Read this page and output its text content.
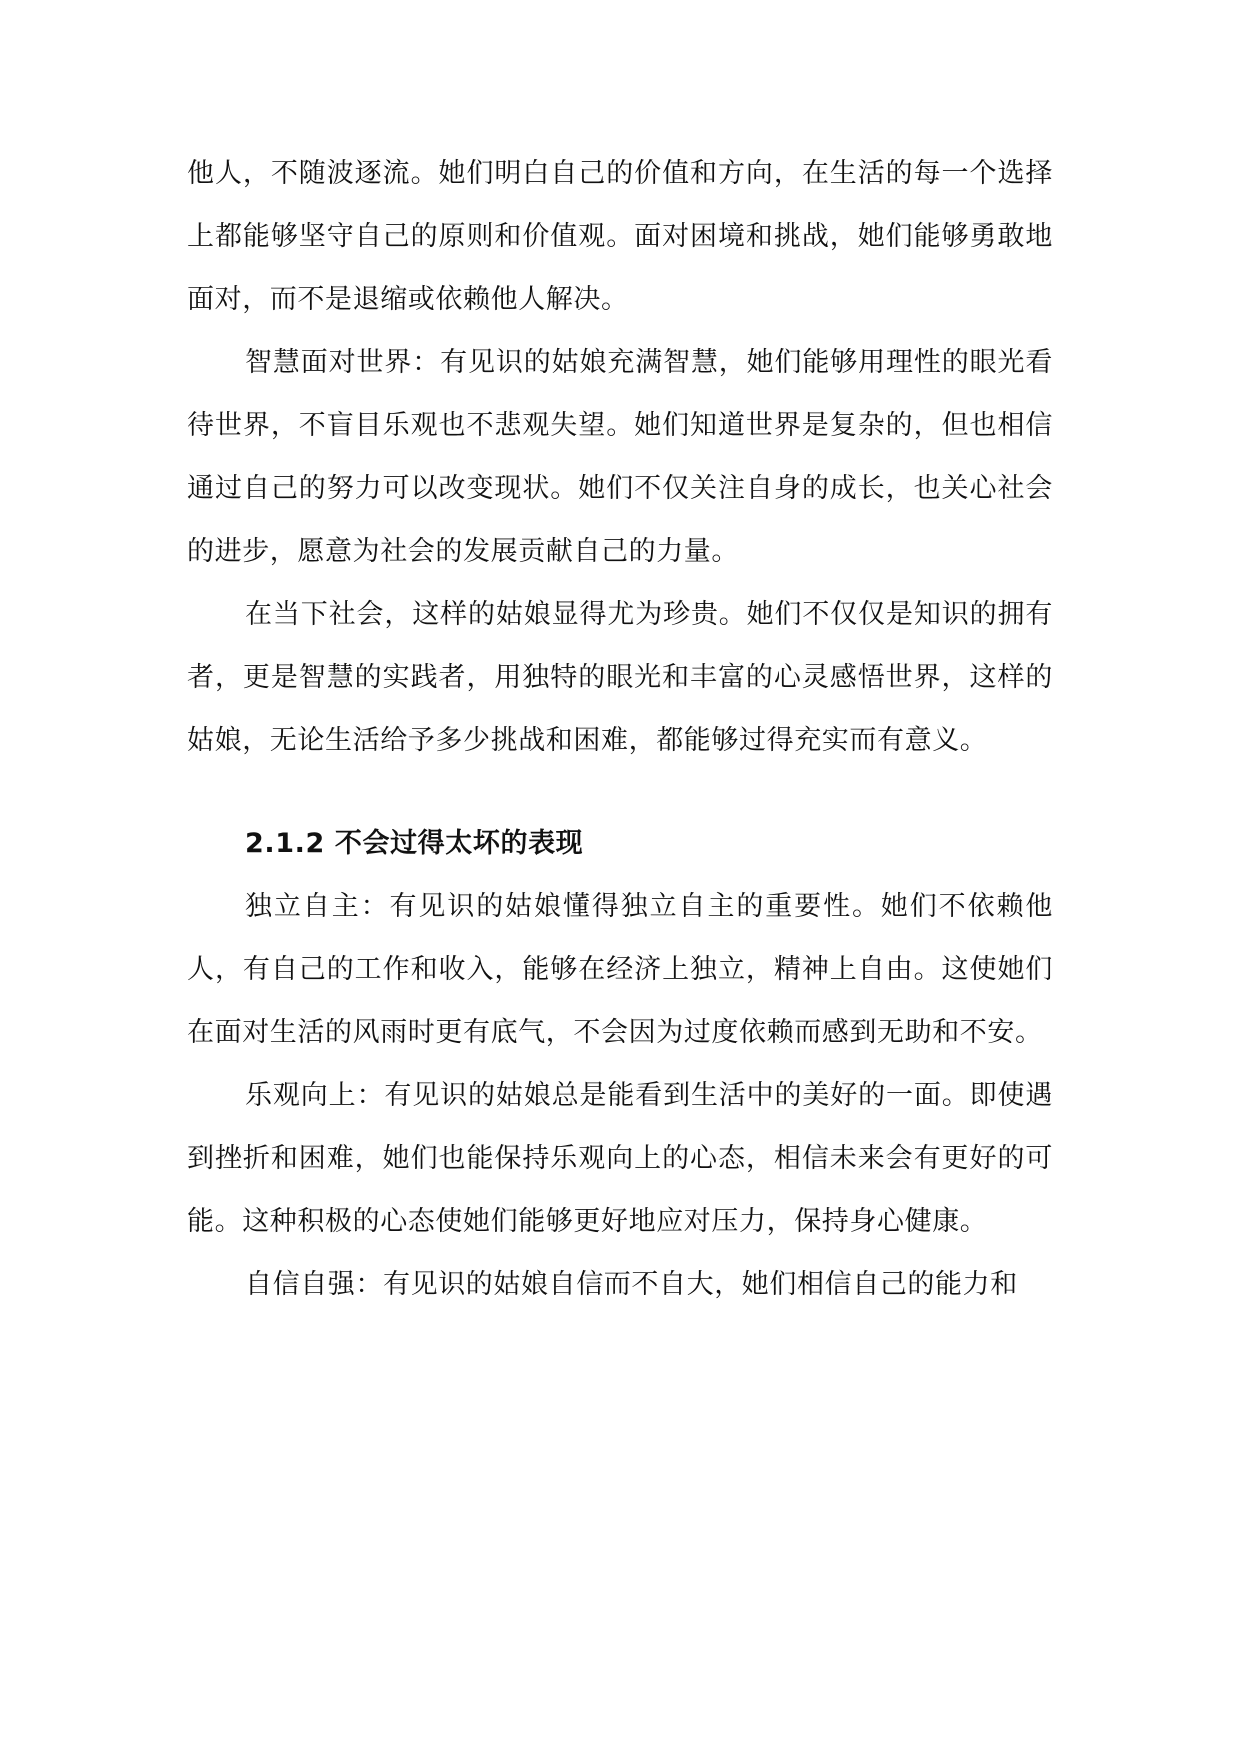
他人，不随波逐流。她们明白自己的价值和方向，在生活的每一个选择上都能够坚守自己的原则和价值观。面对困境和挑战，她们能够勇敢地面对，而不是退缩或依赖他人解决。

智慧面对世界：有见识的姑娘充满智慧，她们能够用理性的眼光看待世界，不盲目乐观也不悲观失望。她们知道世界是复杂的，但也相信通过自己的努力可以改变现状。她们不仅关注自身的成长，也关心社会的进步，愿意为社会的发展贡献自己的力量。

在当下社会，这样的姑娘显得尤为珍贵。她们不仅仅是知识的拥有者，更是智慧的实践者，用独特的眼光和丰富的心灵感悟世界，这样的姑娘，无论生活给予多少挑战和困难，都能够过得充实而有意义。

2.1.2 不会过得太坏的表现

独立自主：有见识的姑娘懂得独立自主的重要性。她们不依赖他人，有自己的工作和收入，能够在经济上独立，精神上自由。这使她们在面对生活的风雨时更有底气，不会因为过度依赖而感到无助和不安。

乐观向上：有见识的姑娘总是能看到生活中的美好的一面。即使遇到挫折和困难，她们也能保持乐观向上的心态，相信未来会有更好的可能。这种积极的心态使她们能够更好地应对压力，保持身心健康。

自信自强：有见识的姑娘自信而不自大，她们相信自己的能力和
